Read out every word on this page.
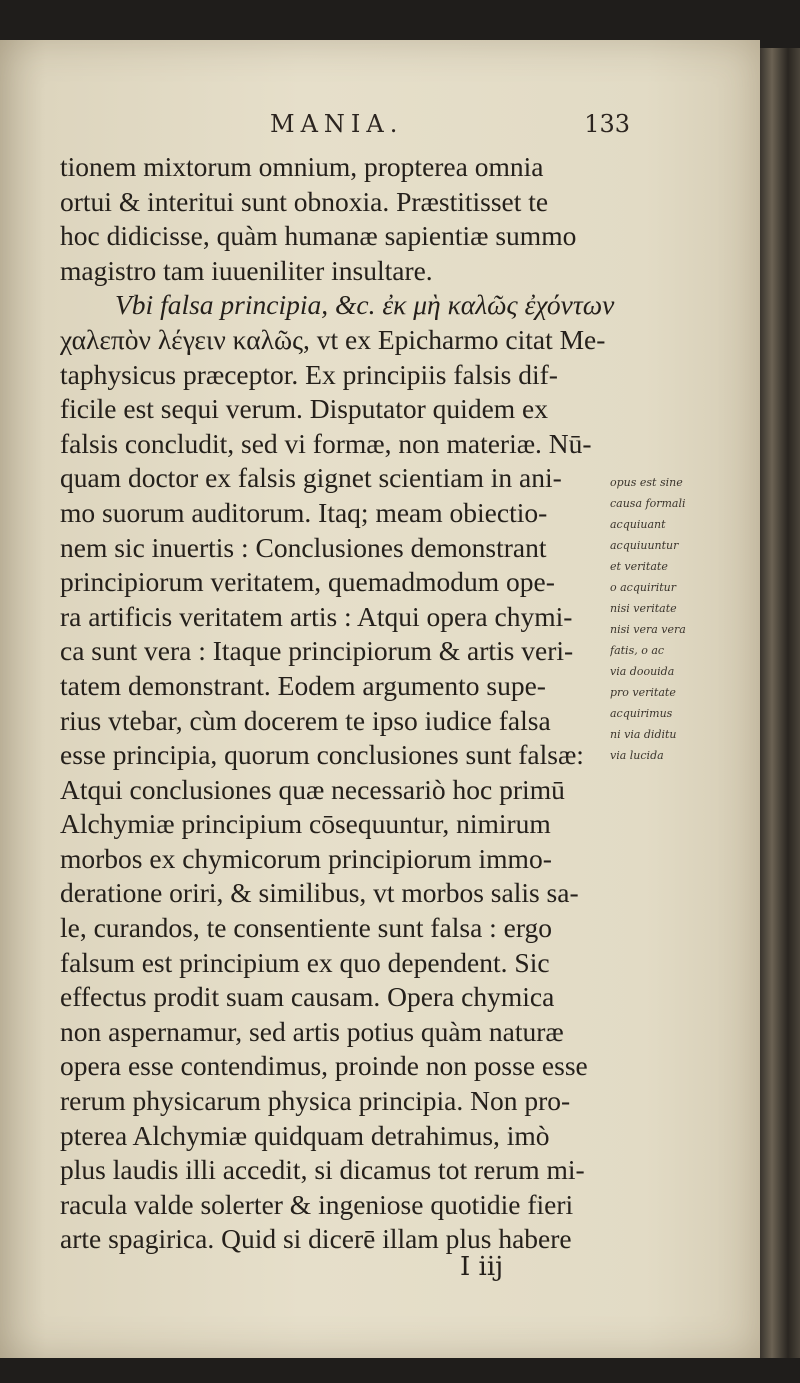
MANIA.	133
tionem mixtorum omnium, propterea omnia
ortui & interitui sunt obnoxia. Præstitisset te
hoc didicisse, quàm humanæ sapientiæ summo
magistro tam iuueniliter insultare.
Vbi falsa principia, &c. ἐκ μὴ καλῶς ἐχόντων
χαλεπὸν λέγειν καλῶς, vt ex Epicharmo citat Me-
taphysicus præceptor. Ex principiis falsis dif-
ficile est sequi verum. Disputator quidem ex
falsis concludit, sed vi formæ, non materiæ. Nū-
quam doctor ex falsis gignet scientiam in ani-
mo suorum auditorum. Itaq; meam obiectio-
nem sic inuertis : Conclusiones demonstrant
principiorum veritatem, quemadmodum ope-
ra artificis veritatem artis : Atqui opera chymi-
ca sunt vera : Itaque principiorum & artis veri-
tatem demonstrant. Eodem argumento supe-
rius vtebar, cùm docerem te ipso iudice falsa
esse principia, quorum conclusiones sunt falsæ:
Atqui conclusiones quæ necessariò hoc primū
Alchymiæ principium cōsequuntur, nimirum
morbos ex chymicorum principiorum immo-
deratione oriri, & similibus, vt morbos salis sa-
le, curandos, te consentiente sunt falsa : ergo
falsum est principium ex quo dependent. Sic
effectus prodit suam causam. Opera chymica
non aspernamur, sed artis potius quàm naturæ
opera esse contendimus, proinde non posse esse
rerum physicarum physica principia. Non pro-
pterea Alchymiæ quidquam detrahimus, imò
plus laudis illi accedit, si dicamus tot rerum mi-
racula valde solerter & ingeniose quotidie fieri
arte spagirica. Quid si dicerē illam plus habere
I iij
opus est sine
causa formali
acquiuant
acquiuuntur
et veritate
o acquiritur
nisi veritate
nisi vera vera
fatis, o ac
via doouida
pro veritate
acquirimus
ni via diditu
via lucida
